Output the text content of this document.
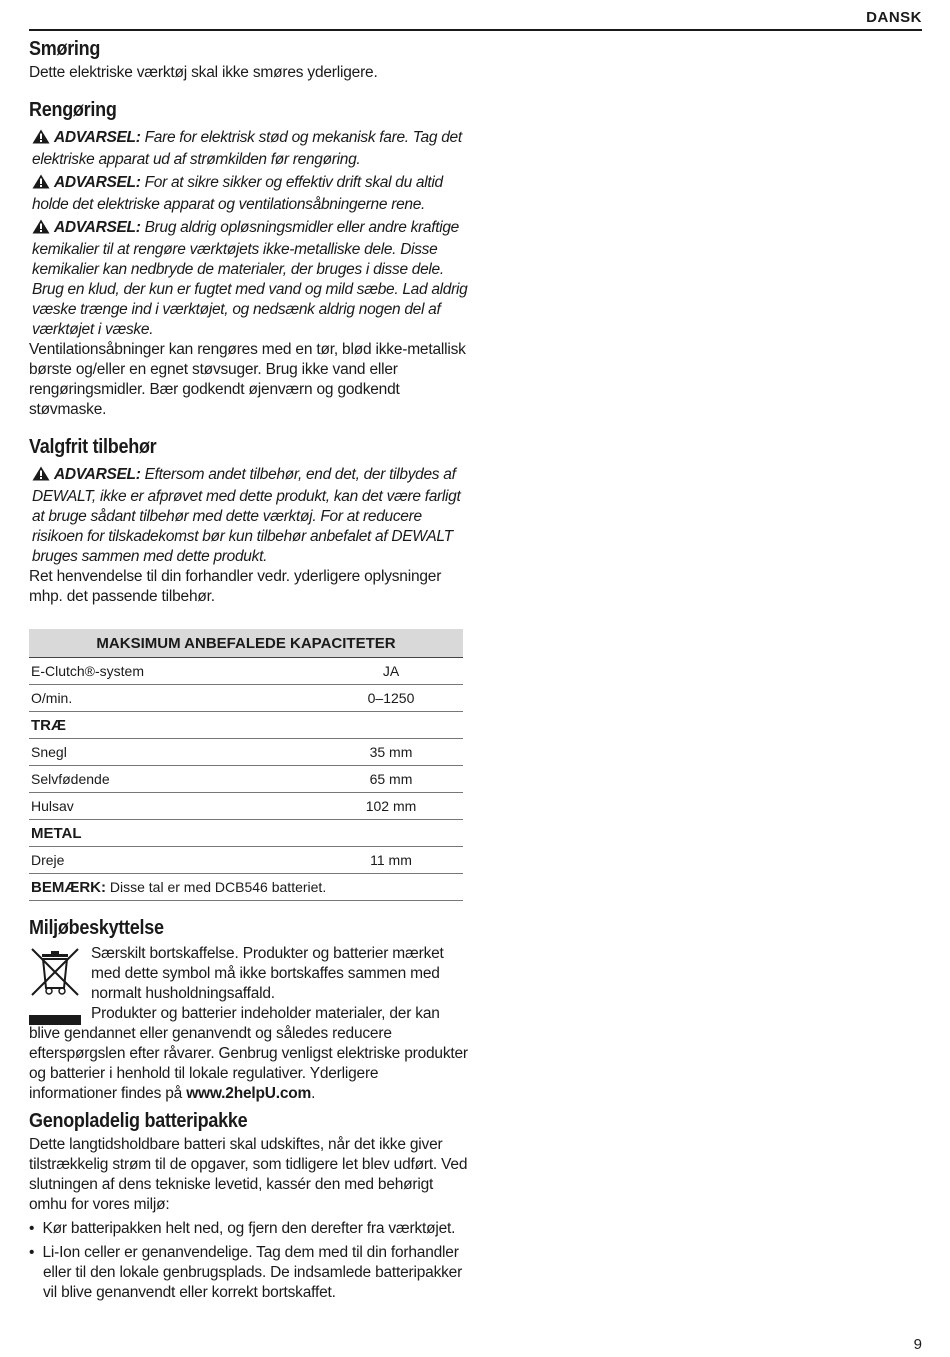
DANSK
Smøring

Dette elektriske værktøj skal ikke smøres yderligere.

Rengøring

ADVARSEL: Fare for elektrisk stød og mekanisk fare. Tag det elektriske apparat ud af strømkilden før rengøring.

ADVARSEL: For at sikre sikker og effektiv drift skal du altid holde det elektriske apparat og ventilationsåbningerne rene.

ADVARSEL: Brug aldrig opløsningsmidler eller andre kraftige kemikalier til at rengøre værktøjets ikke-metalliske dele. Disse kemikalier kan nedbryde de materialer, der bruges i disse dele. Brug en klud, der kun er fugtet med vand og mild sæbe. Lad aldrig væske trænge ind i værktøjet, og nedsænk aldrig nogen del af værktøjet i væske.

Ventilationsåbninger kan rengøres med en tør, blød ikke-metallisk børste og/eller en egnet støvsuger. Brug ikke vand eller rengøringsmidler. Bær godkendt øjenværn og godkendt støvmaske.

Valgfrit tilbehør

ADVARSEL: Eftersom andet tilbehør, end det, der tilbydes af DEWALT, ikke er afprøvet med dette produkt, kan det være farligt at bruge sådant tilbehør med dette værktøj. For at reducere risikoen for tilskadekomst bør kun tilbehør anbefalet af DEWALT bruges sammen med dette produkt.

Ret henvendelse til din forhandler vedr. yderligere oplysninger mhp. det passende tilbehør.

MAKSIMUM ANBEFALEDE KAPACITETER	
E-Clutch®-system	JA
O/min.	0–1250
TRÆ	
Snegl	35 mm
Selvfødende	65 mm
Hulsav	102 mm
METAL	
Dreje	11 mm
BEMÆRK: Disse tal er med DCB546 batteriet.	
Miljøbeskyttelse

Særskilt bortskaffelse. Produkter og batterier mærket med dette symbol må ikke bortskaffes sammen med normalt husholdningsaffald.

Produkter og batterier indeholder materialer, der kan blive gendannet eller genanvendt og således reducere efterspørgslen efter råvarer. Genbrug venligst elektriske produkter og batterier i henhold til lokale regulativer. Yderligere informationer findes på www.2helpU.com.

Genopladelig batteripakke

Dette langtidsholdbare batteri skal udskiftes, når det ikke giver tilstrækkelig strøm til de opgaver, som tidligere let blev udført. Ved slutningen af dens tekniske levetid, kassér den med behørigt omhu for vores miljø:

• Kør batteripakken helt ned, og fjern den derefter fra værktøjet.

• Li-Ion celler er genanvendelige. Tag dem med til din forhandler eller til den lokale genbrugsplads. De indsamlede batteripakker vil blive genanvendt eller korrekt bortskaffet.

9
